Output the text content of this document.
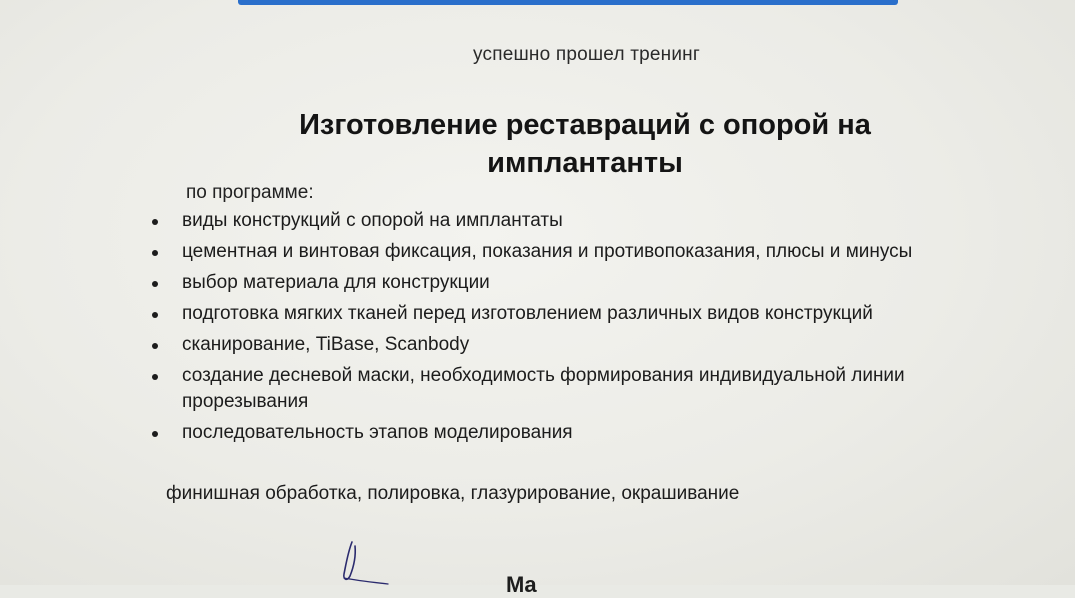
успешно прошел тренинг
Изготовление реставраций с опорой на
имплантанты
по программе:
виды конструкций с опорой на имплантаты
цементная и винтовая фиксация, показания и противопоказания, плюсы и минусы
выбор материала для конструкции
подготовка мягких тканей перед изготовлением различных видов конструкций
сканирование, TiBase, Scanbody
создание десневой маски, необходимость формирования индивидуальной линии прорезывания
последовательность этапов моделирования
финишная обработка, полировка, глазурирование, окрашивание
Ma
